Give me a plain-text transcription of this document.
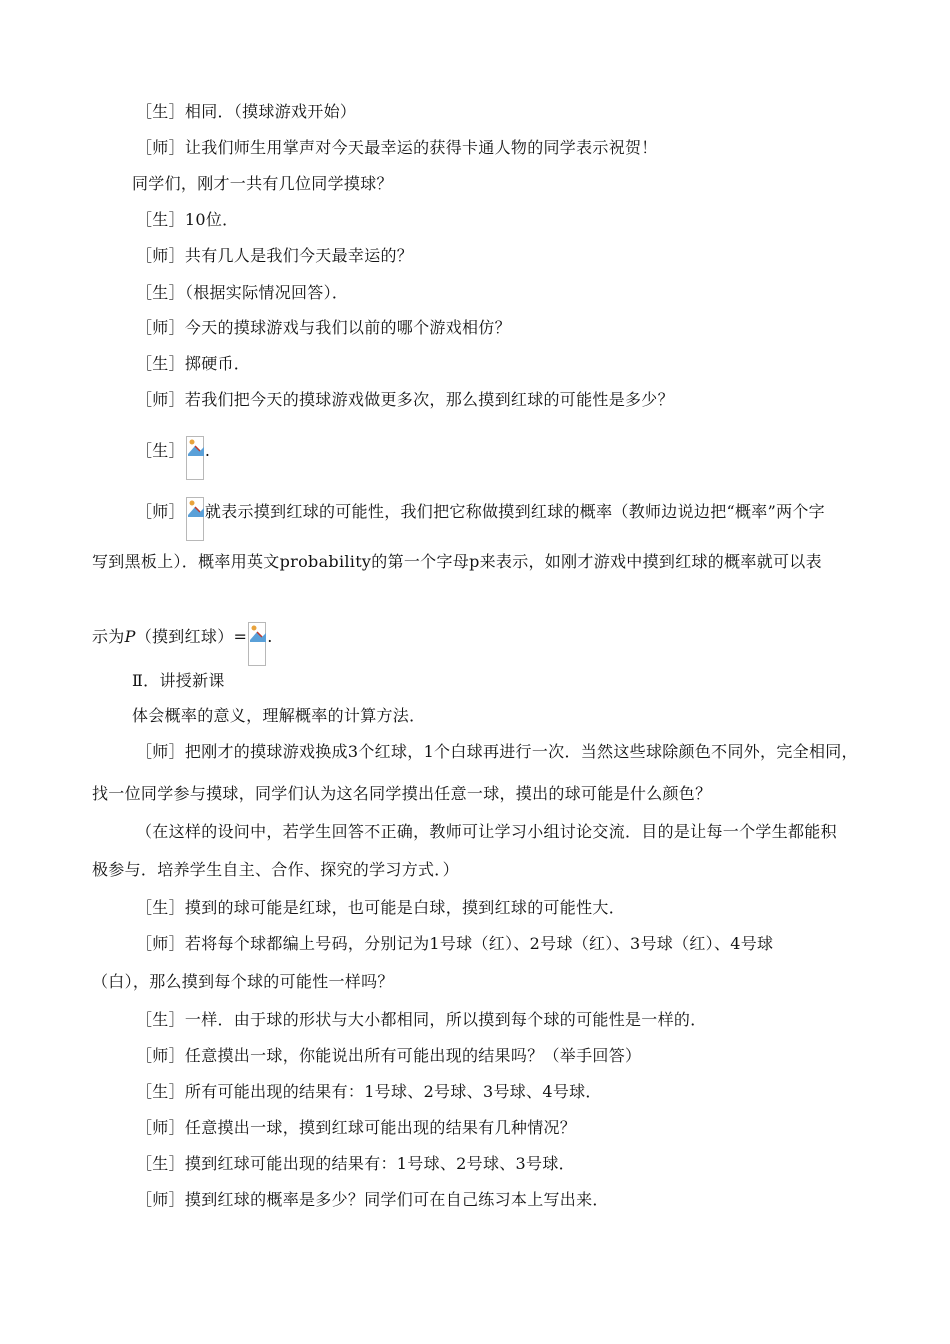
［生］相同．（摸球游戏开始）
［师］让我们师生用掌声对今天最幸运的获得卡通人物的同学表示祝贺！
同学们，刚才一共有几位同学摸球？
［生］10位．
［师］共有几人是我们今天最幸运的？
［生］（根据实际情况回答）．
［师］今天的摸球游戏与我们以前的哪个游戏相仿？
［生］掷硬币．
［师］若我们把今天的摸球游戏做更多次，那么摸到红球的可能性是多少？
［生］ .
［师］ 就表示摸到红球的可能性，我们把它称做摸到红球的概率（教师边说边把“概率”两个字
写到黑板上）．概率用英文probability的第一个字母p来表示，如刚才游戏中摸到红球的概率就可以表
示为P（摸到红球）= .
Ⅱ．讲授新课
体会概率的意义，理解概率的计算方法．
［师］把刚才的摸球游戏换成3个红球，1个白球再进行一次．当然这些球除颜色不同外，完全相同，
找一位同学参与摸球，同学们认为这名同学摸出任意一球，摸出的球可能是什么颜色？
（在这样的设问中，若学生回答不正确，教师可让学习小组讨论交流．目的是让每一个学生都能积
极参与．培养学生自主、合作、探究的学习方式．）
［生］摸到的球可能是红球，也可能是白球，摸到红球的可能性大．
［师］若将每个球都编上号码，分别记为1号球（红）、2号球（红）、3号球（红）、4号球
（白），那么摸到每个球的可能性一样吗？
［生］一样．由于球的形状与大小都相同，所以摸到每个球的可能性是一样的．
［师］任意摸出一球，你能说出所有可能出现的结果吗？（举手回答）
［生］所有可能出现的结果有：1号球、2号球、3号球、4号球．
［师］任意摸出一球，摸到红球可能出现的结果有几种情况？
［生］摸到红球可能出现的结果有：1号球、2号球、3号球．
［师］摸到红球的概率是多少？同学们可在自己练习本上写出来．
